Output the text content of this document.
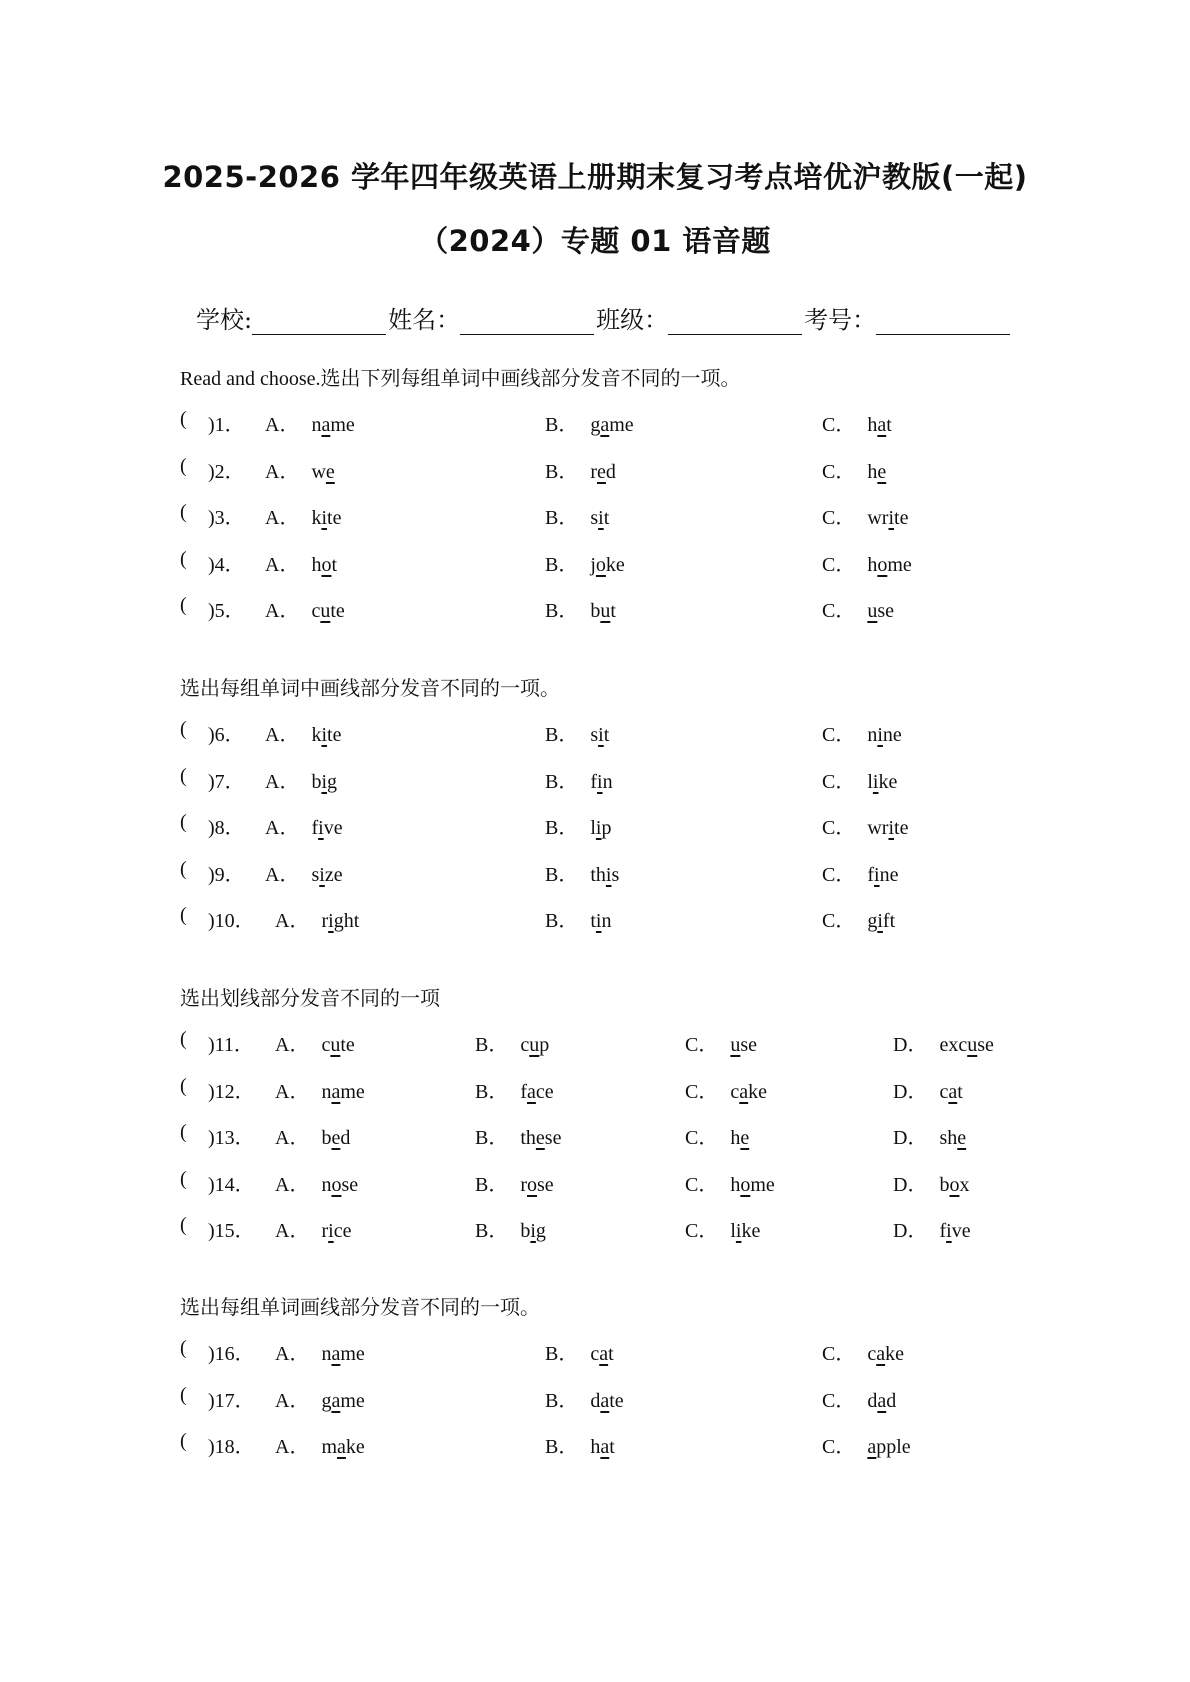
2025-2026 学年四年级英语上册期末复习考点培优沪教版(一起)
（2024）专题 01 语音题
学校:	姓名：	班级：	考号：
Read and choose.选出下列每组单词中画线部分发音不同的一项。
( )1． A． name	B． game	C． hat
( )2． A． we	B． red	C． he
( )3． A． kite	B． sit	C． write
( )4． A． hot	B． joke	C． home
( )5． A． cute	B． but	C． use
选出每组单词中画线部分发音不同的一项。
( )6． A． kite	B． sit	C． nine
( )7． A． big	B． fin	C． like
( )8． A． five	B． lip	C． write
( )9． A． size	B． this	C． fine
( )10． A． right	B． tin	C． gift
选出划线部分发音不同的一项
( )11． A． cute	B． cup	C． use	D． excuse
( )12． A． name	B． face	C． cake	D． cat
( )13． A． bed	B． these	C． he	D． she
( )14． A． nose	B． rose	C． home	D． box
( )15． A． rice	B． big	C． like	D． five
选出每组单词画线部分发音不同的一项。
( )16． A． name	B． cat	C． cake
( )17． A． game	B． date	C． dad
( )18． A． make	B． hat	C． apple
